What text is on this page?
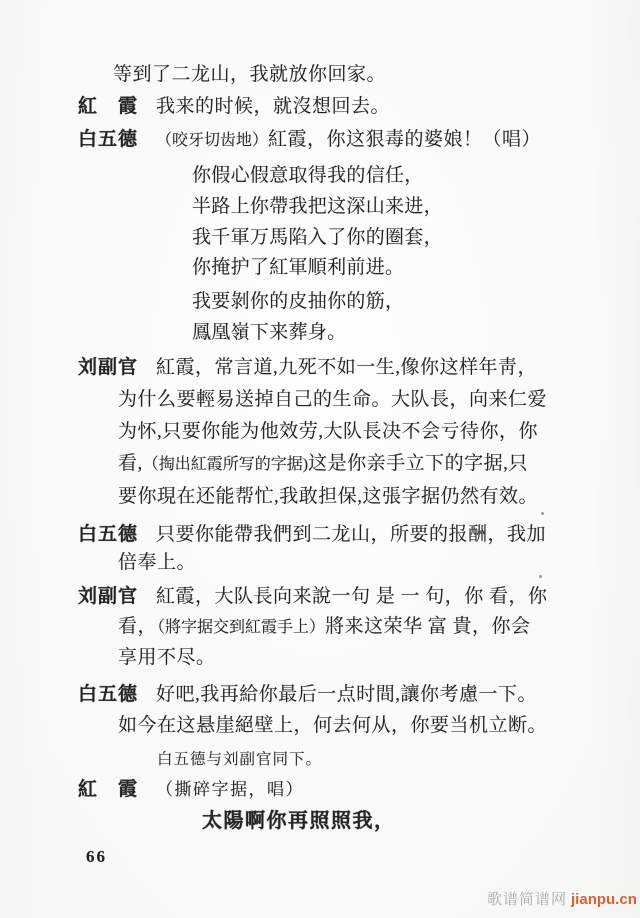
等到了二龙山，我就放你回家。
紅　霞 我来的时候，就沒想回去。
白五德 （咬牙切齿地）紅霞，你这狠毒的婆娘！（唱）
你假心假意取得我的信任，
半路上你帶我把这深山来进，
我千軍万馬陷入了你的圈套，
你掩护了紅軍順利前进。
我要剝你的皮抽你的筋，
鳳凰嶺下来葬身。
刘副官 紅霞，常言道,九死不如一生,像你这样年靑，
为什么要輕易送掉自己的生命。大队長，向来仁爱
为怀,只要你能为他效劳,大队長决不会亏待你，你
看,（掏出紅霞所写的字据)这是你亲手立下的字据,只
要你現在还能帮忙,我敢担保,这張字据仍然有效。
白五德 只要你能帶我們到二龙山，所要的报酬，我加
倍奉上。
刘副官 紅霞，大队長向来說一句 是 一 句，你 看，你
看，（將字据交到紅霞手上）將来这荣华 富 貴，你会
享用不尽。
白五德 好吧,我再給你最后一点时間,讓你考慮一下。
如今在这悬崖絕壁上，何去何从，你要当机立断。
白五德与刘副官同下。
紅　霞 （撕碎字据，唱）
太陽啊你再照照我，
66
歌谱简谱网 jianpu.cn
